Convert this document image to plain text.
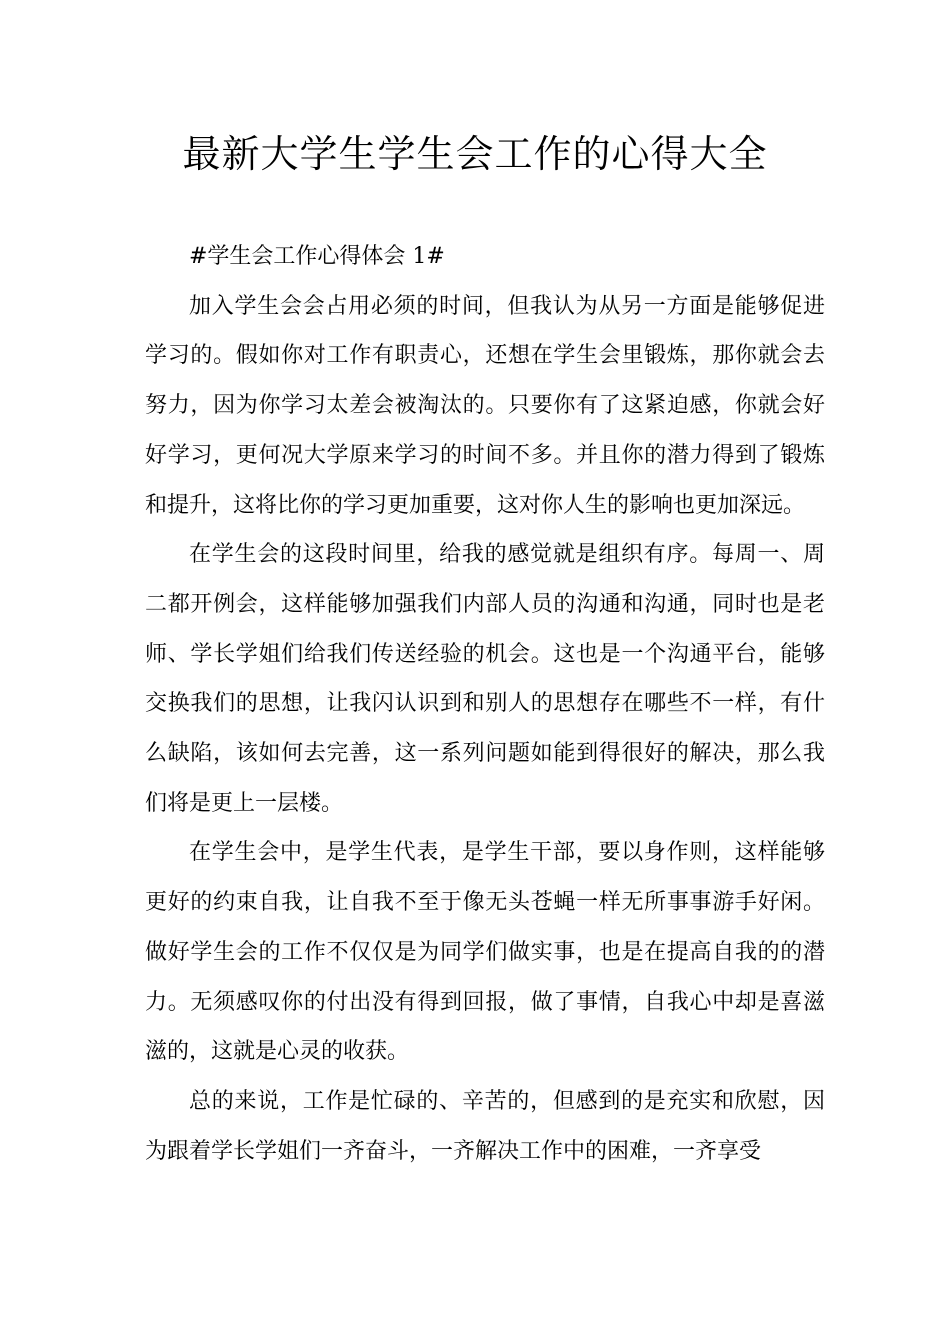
最新大学生学生会工作的心得大全

#学生会工作心得体会 1#

加入学生会会占用必须的时间，但我认为从另一方面是能够促进学习的。假如你对工作有职责心，还想在学生会里锻炼，那你就会去努力，因为你学习太差会被淘汰的。只要你有了这紧迫感，你就会好好学习，更何况大学原来学习的时间不多。并且你的潜力得到了锻炼和提升，这将比你的学习更加重要，这对你人生的影响也更加深远。

在学生会的这段时间里，给我的感觉就是组织有序。每周一、周二都开例会，这样能够加强我们内部人员的沟通和沟通，同时也是老师、学长学姐们给我们传送经验的机会。这也是一个沟通平台，能够交换我们的思想，让我闪认识到和别人的思想存在哪些不一样，有什么缺陷，该如何去完善，这一系列问题如能到得很好的解决，那么我们将是更上一层楼。

在学生会中，是学生代表，是学生干部，要以身作则，这样能够更好的约束自我，让自我不至于像无头苍蝇一样无所事事游手好闲。做好学生会的工作不仅仅是为同学们做实事，也是在提高自我的的潜力。无须感叹你的付出没有得到回报，做了事情，自我心中却是喜滋滋的，这就是心灵的收获。

总的来说，工作是忙碌的、辛苦的，但感到的是充实和欣慰，因为跟着学长学姐们一齐奋斗，一齐解决工作中的困难，一齐享受
